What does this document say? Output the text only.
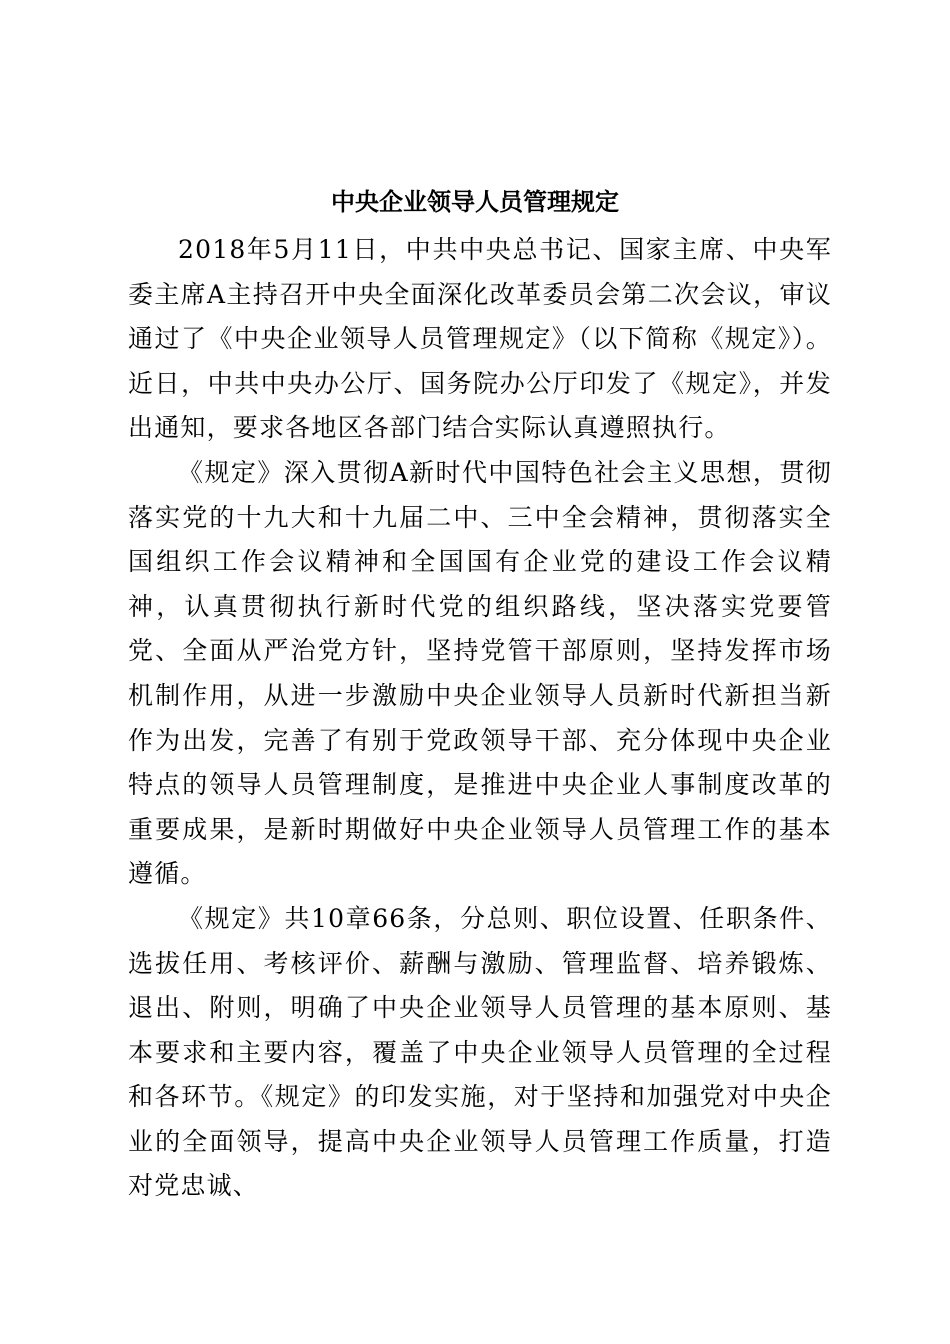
中央企业领导人员管理规定

2018年5月11日，中共中央总书记、国家主席、中央军委主席A主持召开中央全面深化改革委员会第二次会议，审议通过了《中央企业领导人员管理规定》（以下简称《规定》）。近日，中共中央办公厅、国务院办公厅印发了《规定》，并发出通知，要求各地区各部门结合实际认真遵照执行。

《规定》深入贯彻A新时代中国特色社会主义思想，贯彻落实党的十九大和十九届二中、三中全会精神，贯彻落实全国组织工作会议精神和全国国有企业党的建设工作会议精神，认真贯彻执行新时代党的组织路线，坚决落实党要管党、全面从严治党方针，坚持党管干部原则，坚持发挥市场机制作用，从进一步激励中央企业领导人员新时代新担当新作为出发，完善了有别于党政领导干部、充分体现中央企业特点的领导人员管理制度，是推进中央企业人事制度改革的重要成果，是新时期做好中央企业领导人员管理工作的基本遵循。

《规定》共10章66条，分总则、职位设置、任职条件、选拔任用、考核评价、薪酬与激励、管理监督、培养锻炼、退出、附则，明确了中央企业领导人员管理的基本原则、基本要求和主要内容，覆盖了中央企业领导人员管理的全过程和各环节。《规定》的印发实施，对于坚持和加强党对中央企业的全面领导，提高中央企业领导人员管理工作质量，打造对党忠诚、
